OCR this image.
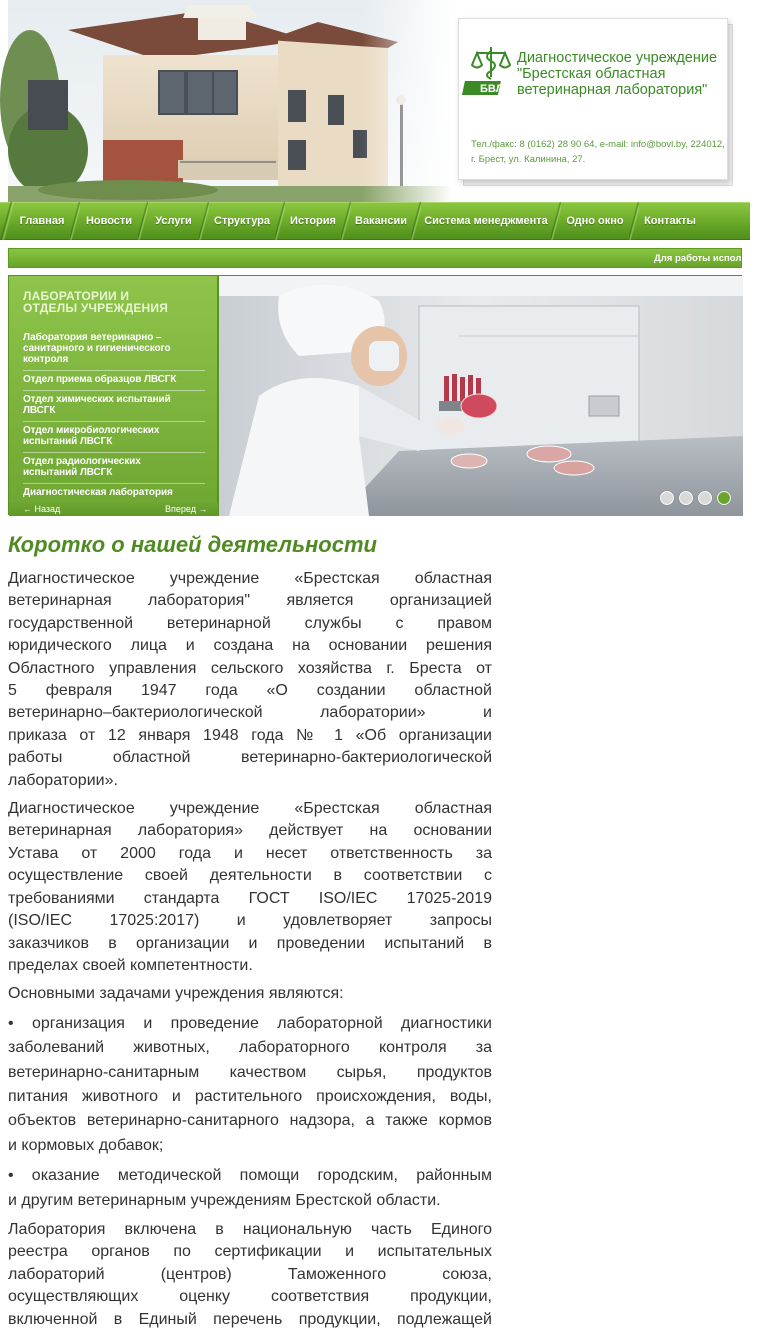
БВЛ
Диагностическое учреждение
"Брестская областная
ветеринарная лаборатория"
Тел./факс: 8 (0162) 28 90 64, e-mail: info@bovl.by, 224012,
г. Брест, ул. Калинина, 27.
Главная	Новости	Услуги	Структура	История	Вакансии	Система менеджмента	Одно окно	Контакты
Для работы использу
ЛАБОРАТОРИИ И
ОТДЕЛЫ УЧРЕЖДЕНИЯ
Лаборатория ветеринарно –
санитарного и гигиенического
контроля
Отдел приема образцов ЛВСГК
Отдел химических испытаний
ЛВСГК
Отдел микробиологических
испытаний ЛВСГК
Отдел радиологических
испытаний ЛВСГК
Диагностическая лаборатория
← Назад	Вперед →
Коротко о нашей деятельности

Диагностическое учреждение «Брестская областная
ветеринарная лаборатория" является организацией
государственной ветеринарной службы с правом
юридического лица и создана на основании решения
Областного управления сельского хозяйства г. Бреста от
5 февраля 1947 года «О создании областной
ветеринарно–бактериологической лаборатории» и
приказа от 12 января 1948 года № 1 «Об организации
работы областной ветеринарно-бактериологической
лаборатории».

Диагностическое учреждение «Брестская областная
ветеринарная лаборатория» действует на основании
Устава от 2000 года и несет ответственность за
осуществление своей деятельности в соответствии с
требованиями стандарта ГОСТ ISO/IEC 17025-2019
(ISO/IEC 17025:2017) и удовлетворяет запросы
заказчиков в организации и проведении испытаний в
пределах своей компетентности.

Основными задачами учреждения являются:

• организация и проведение лабораторной диагностики
заболеваний животных, лабораторного контроля за
ветеринарно-санитарным качеством сырья, продуктов
питания животного и растительного происхождения, воды,
объектов ветеринарно-санитарного надзора, а также кормов
и кормовых добавок;

• оказание методической помощи городским, районным
и другим ветеринарным учреждениям Брестской области.

Лаборатория включена в национальную часть Единого
реестра органов по сертификации и испытательных
лабораторий (центров) Таможенного союза,
осуществляющих оценку соответствия продукции,
включенной в Единый перечень продукции, подлежащей
